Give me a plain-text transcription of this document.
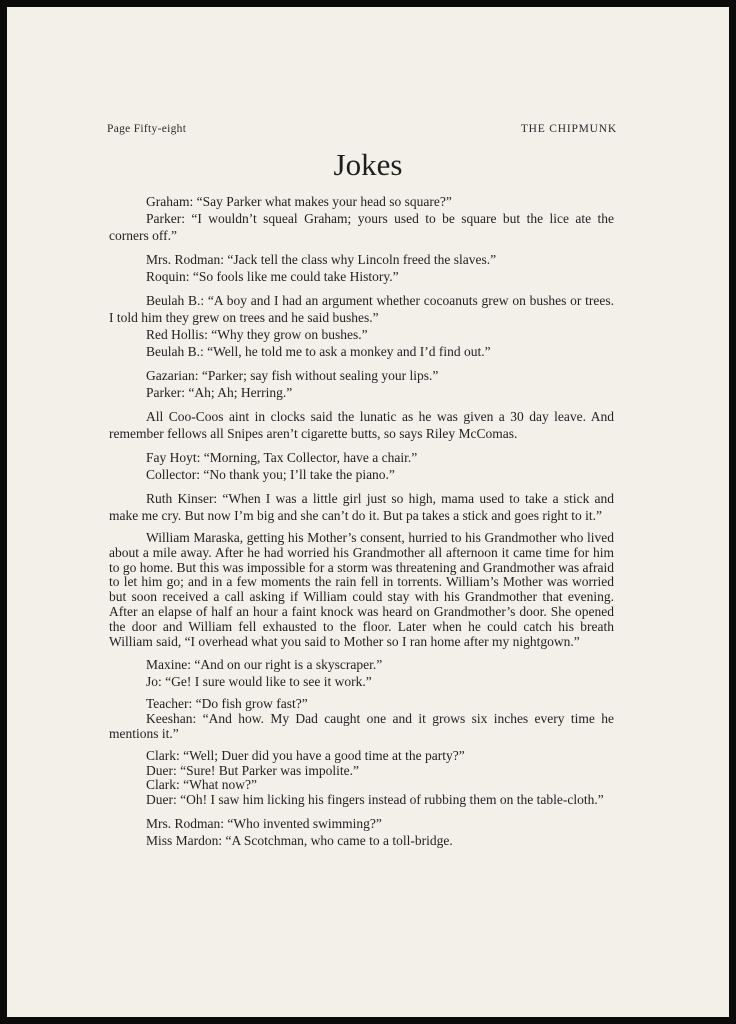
Page Fifty-eight	THE CHIPMUNK
Jokes

Graham: “Say Parker what makes your head so square?”

Parker: “I wouldn’t squeal Graham; yours used to be square but the lice ate the corners off.”

Mrs. Rodman: “Jack tell the class why Lincoln freed the slaves.”

Roquin: “So fools like me could take History.”

Beulah B.: “A boy and I had an argument whether cocoanuts grew on bushes or trees. I told him they grew on trees and he said bushes.”

Red Hollis: “Why they grow on bushes.”

Beulah B.: “Well, he told me to ask a monkey and I’d find out.”

Gazarian: “Parker; say fish without sealing your lips.”

Parker: “Ah; Ah; Herring.”

All Coo-Coos aint in clocks said the lunatic as he was given a 30 day leave. And remember fellows all Snipes aren’t cigarette butts, so says Riley McComas.

Fay Hoyt: “Morning, Tax Collector, have a chair.”

Collector: “No thank you; I’ll take the piano.”

Ruth Kinser: “When I was a little girl just so high, mama used to take a stick and make me cry. But now I’m big and she can’t do it. But pa takes a stick and goes right to it.”

William Maraska, getting his Mother’s consent, hurried to his Grandmother who lived about a mile away. After he had worried his Grandmother all afternoon it came time for him to go home. But this was impossible for a storm was threatening and Grandmother was afraid to let him go; and in a few moments the rain fell in torrents. William’s Mother was worried but soon received a call asking if William could stay with his Grandmother that evening. After an elapse of half an hour a faint knock was heard on Grandmother’s door. She opened the door and William fell exhausted to the floor. Later when he could catch his breath William said, “I overhead what you said to Mother so I ran home after my nightgown.”

Maxine: “And on our right is a skyscraper.”

Jo: “Ge! I sure would like to see it work.”

Teacher: “Do fish grow fast?”

Keeshan: “And how. My Dad caught one and it grows six inches every time he mentions it.”

Clark: “Well; Duer did you have a good time at the party?”

Duer: “Sure! But Parker was impolite.”

Clark: “What now?”

Duer: “Oh! I saw him licking his fingers instead of rubbing them on the table-cloth.”

Mrs. Rodman: “Who invented swimming?”

Miss Mardon: “A Scotchman, who came to a toll-bridge.
